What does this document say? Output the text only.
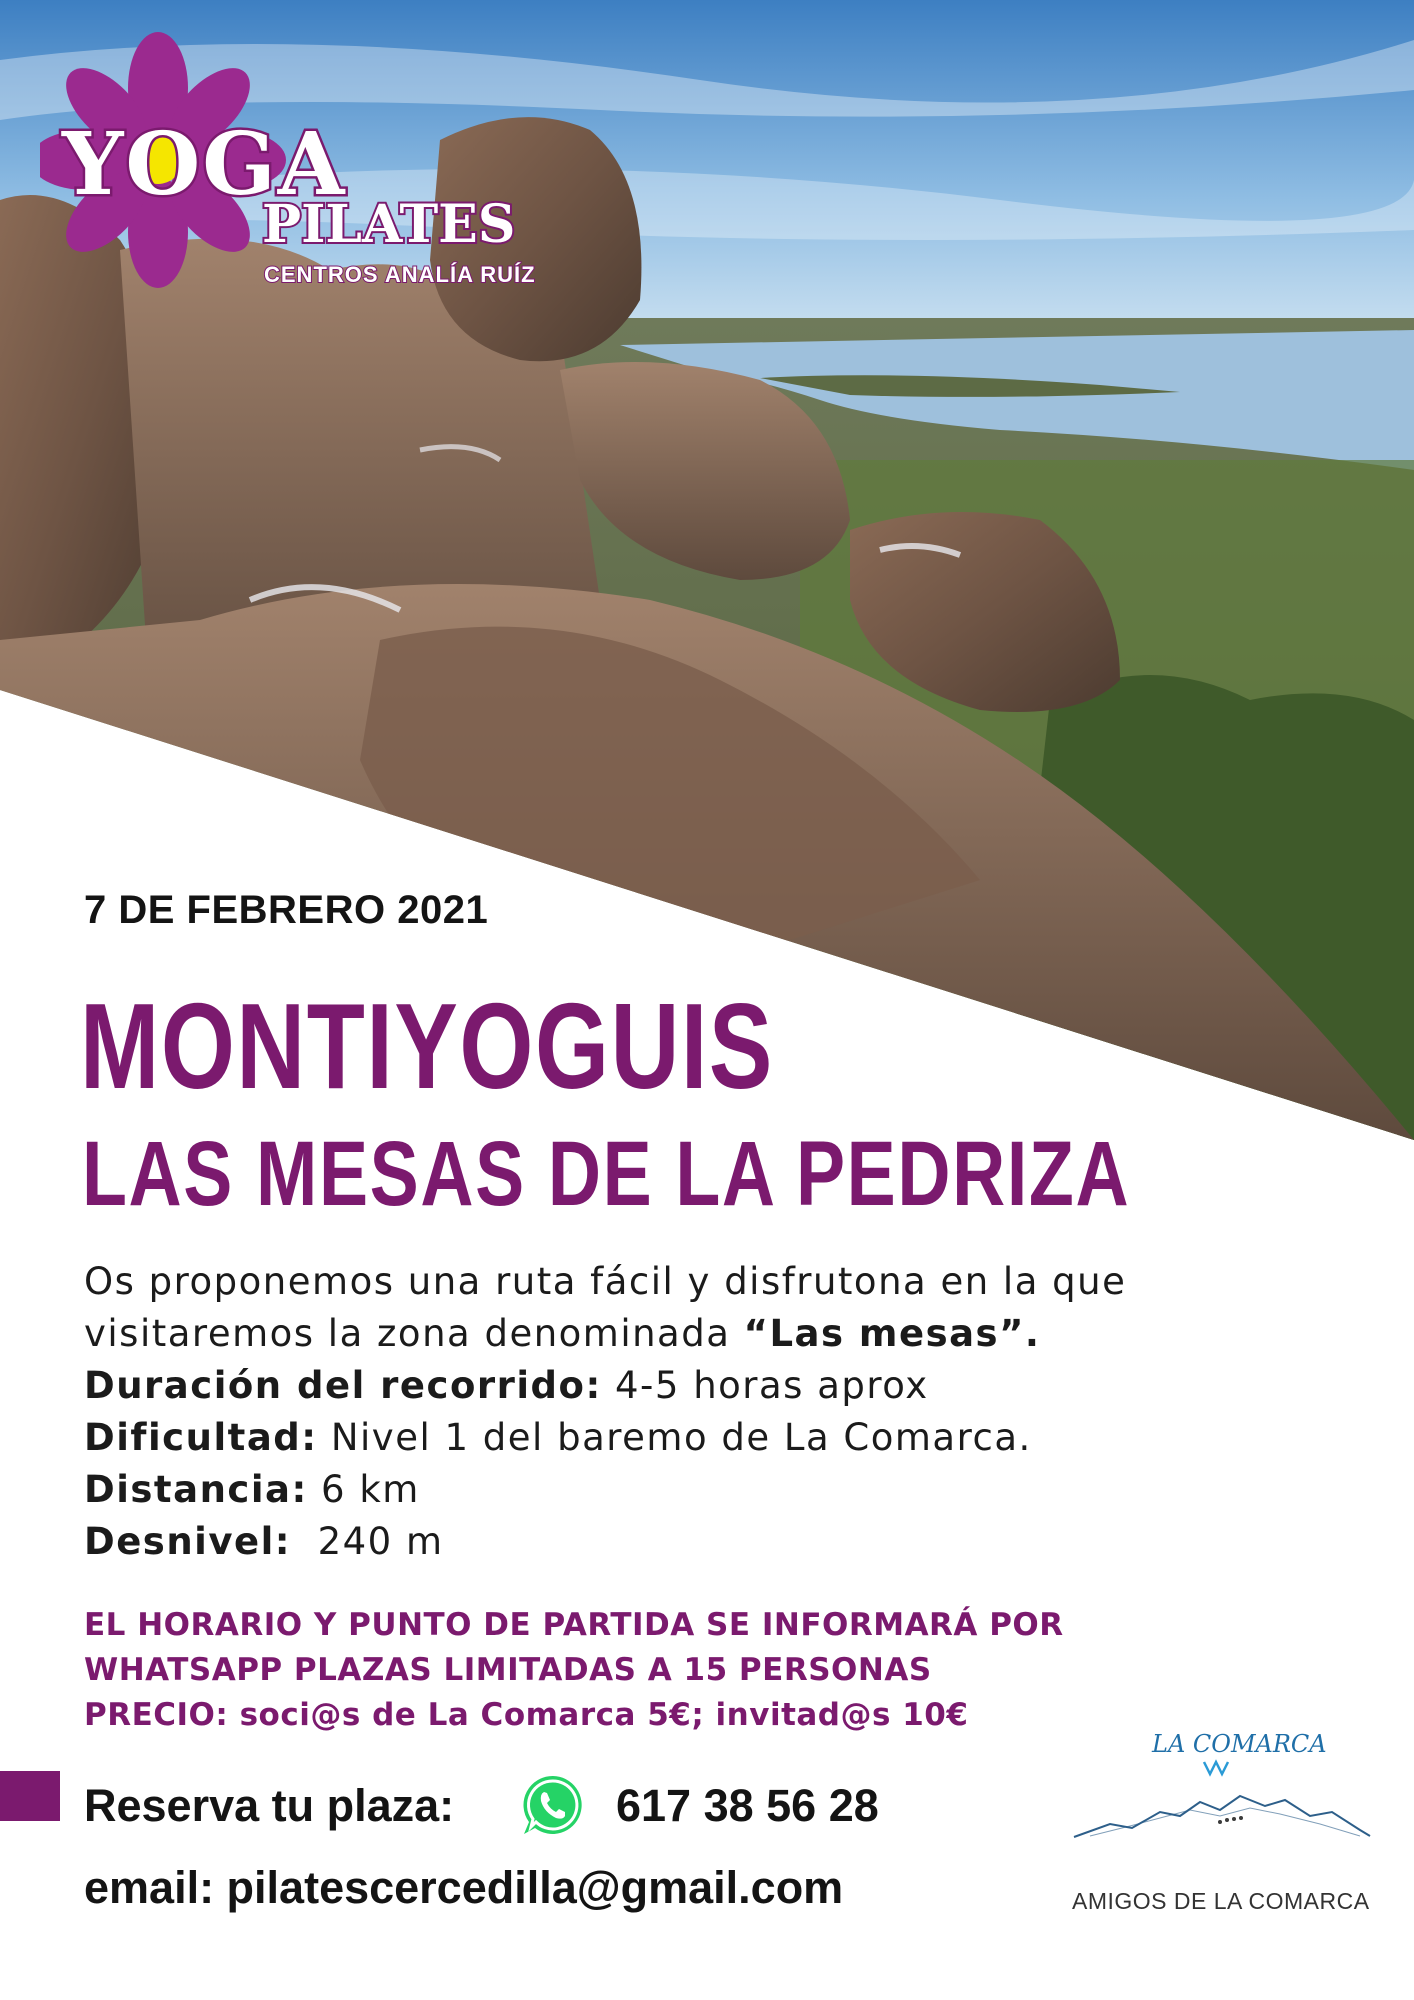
YOGA
PILATES
CENTROS ANALÍA RUÍZ
7 DE FEBRERO 2021
MONTIYOGUIS
LAS MESAS DE LA PEDRIZA
Os proponemos una ruta fácil y disfrutona en la que
visitaremos la zona denominada “Las mesas”.
Duración del recorrido: 4-5 horas aprox
Dificultad: Nivel 1 del baremo de La Comarca.
Distancia: 6 km
Desnivel:  240 m
EL HORARIO Y PUNTO DE PARTIDA SE INFORMARÁ POR
WHATSAPP PLAZAS LIMITADAS A 15 PERSONAS
PRECIO: soci@s de La Comarca 5€; invitad@s 10€
Reserva tu plaza:	617 38 56 28
email: pilatescercedilla@gmail.com
LA COMARCA
AMIGOS DE LA COMARCA
